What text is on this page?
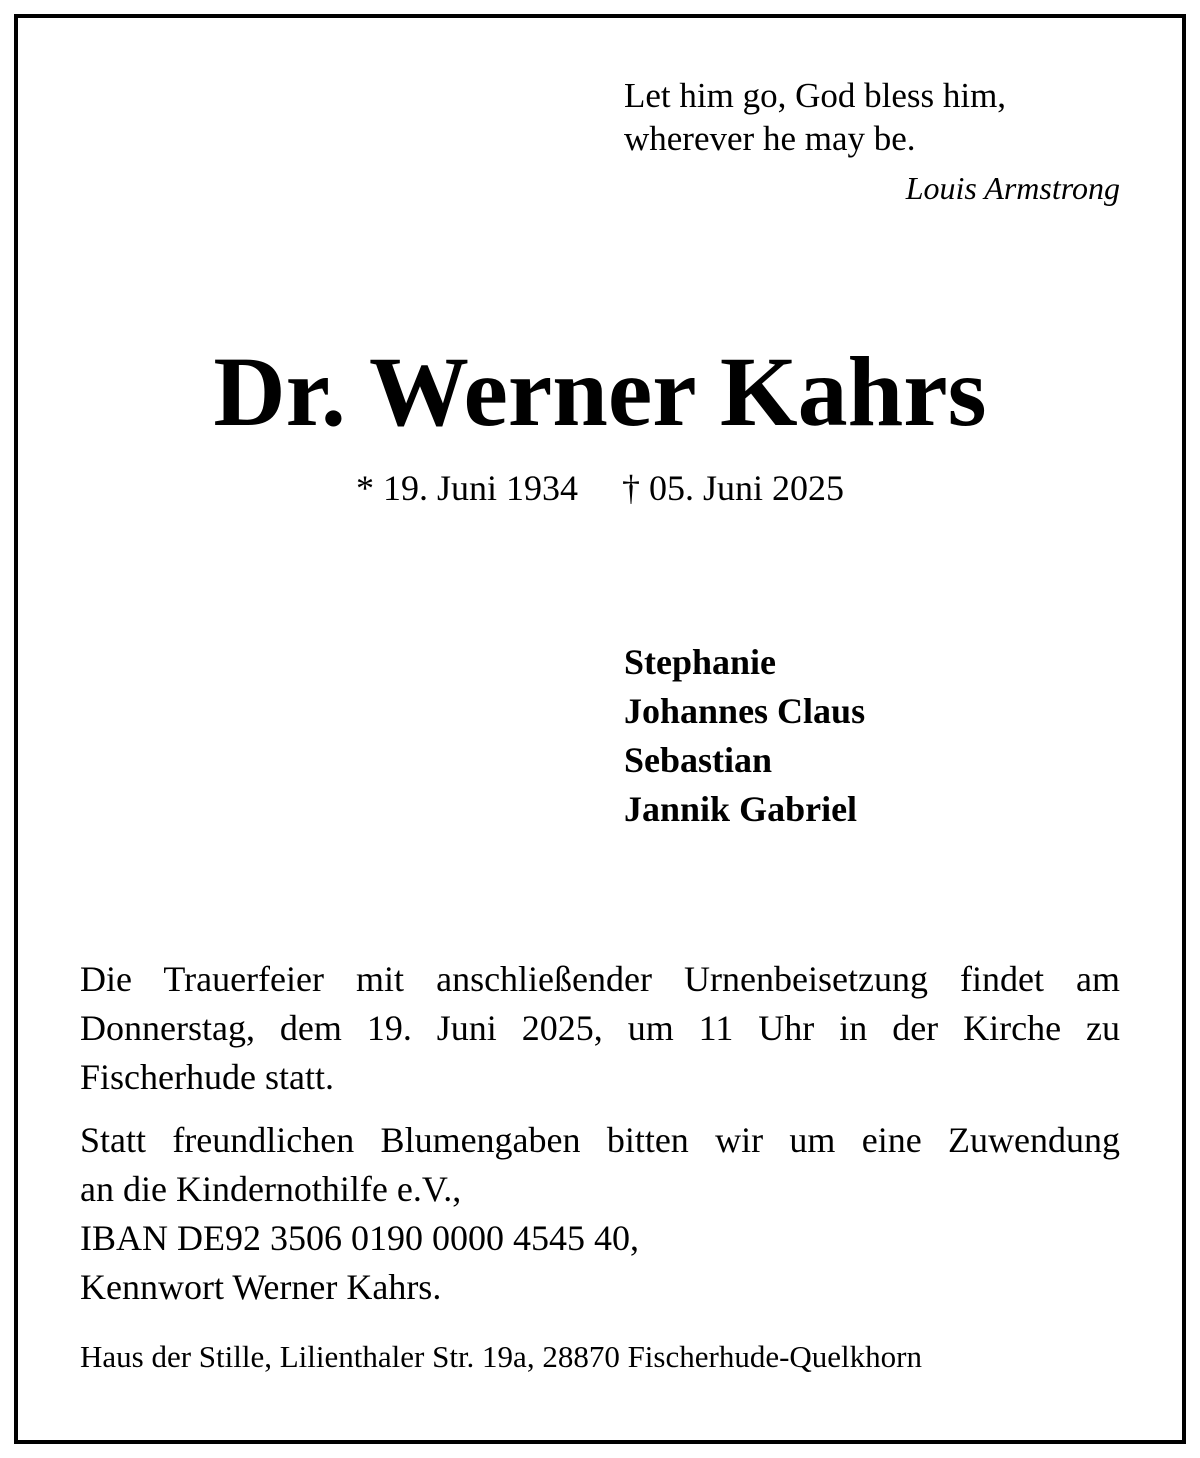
Let him go, God bless him,
wherever he may be.
Louis Armstrong
Dr. Werner Kahrs
* 19. Juni 1934 † 05. Juni 2025
Stephanie
Johannes Claus
Sebastian
Jannik Gabriel
Die Trauerfeier mit anschließender Urnenbeisetzung findet am Donnerstag, dem 19. Juni 2025, um 11 Uhr in der Kirche zu Fischerhude statt.
Statt freundlichen Blumengaben bitten wir um eine Zuwendung
an die Kindernothilfe e.V.,
IBAN DE92 3506 0190 0000 4545 40,
Kennwort Werner Kahrs.
Haus der Stille, Lilienthaler Str. 19a, 28870 Fischerhude-Quelkhorn
